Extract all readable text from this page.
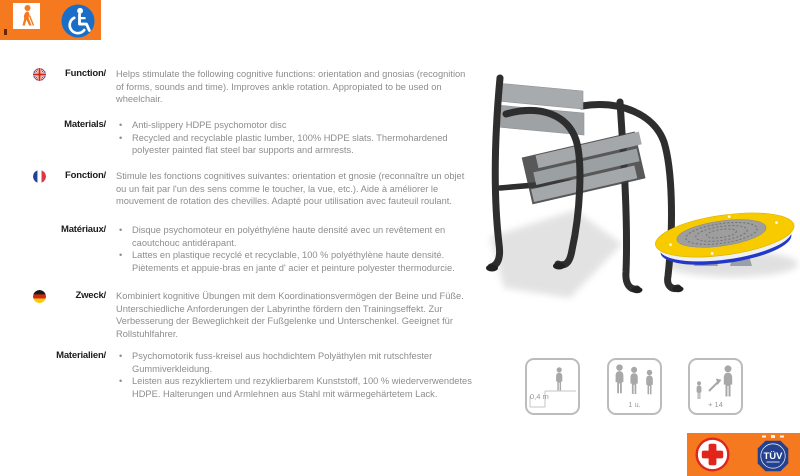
Function/ Helps stimulate the following cognitive functions: orientation and gnosias (recognition of forms, sounds and time). Improves ankle rotation. Appropiated to be used on wheelchair.
Materials/	•	Anti-slippery HDPE psychomotor disc
•	Recycled and recyclable plastic lumber, 100% HDPE slats. Thermohardened polyester painted flat steel bar supports and armrests.
Fonction/ Stimule les fonctions cognitives suivantes: orientation et gnosie (reconnaître un objet ou un fait par l'un des sens comme le toucher, la vue, etc.). Aide à améliorer le mouvement de rotation des chevilles. Adapté pour utilisation avec fauteuil roulant.
Matériaux/	•	Disque psychomoteur en polyéthylène haute densité avec un revêtement en caoutchouc antidérapant.
•	Lattes en plastique recyclé et recyclable, 100 % polyéthylène haute densité. Piètements et appuie-bras en jante d' acier et peinture polyester thermodurcie.
Zweck/ Kombiniert kognitive Übungen mit dem Koordinationsvermögen der Beine und Füße. Unterschiedliche Anforderungen der Labyrinthe fördern den Trainingseffekt. Zur Verbesserung der Beweglichkeit der Fußgelenke und Unterschenkel. Geeignet für Rollstuhlfahrer.
Materialien/	•	Psychomotorik fuss-kreisel aus hochdichtem Polyäthylen mit rutschfester Gummiverkleidung.
•	Leisten aus rezykliertem und rezyklierbarem Kunststoff, 100 % wiederverwendetes HDPE. Halterungen und Armlehnen aus Stahl mit wärmegehärtetem Lack.	0,4 m
1 u.	+ 14
TÜV
